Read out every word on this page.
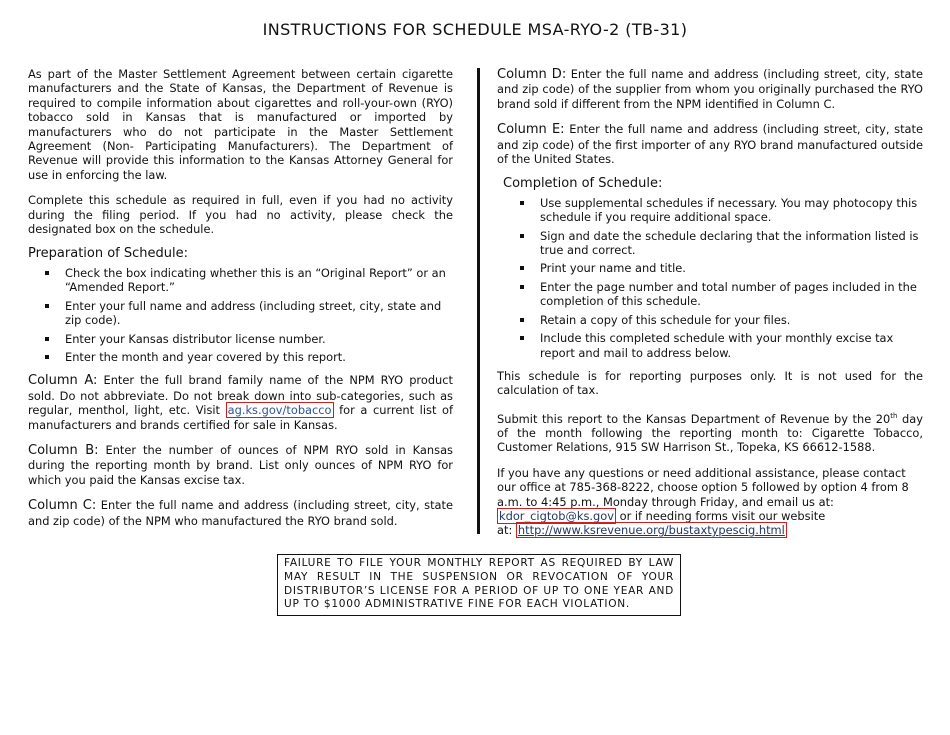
INSTRUCTIONS FOR SCHEDULE MSA-RYO-2 (TB-31)

As part of the Master Settlement Agreement between certain cigarette manufacturers and the State of Kansas, the Department of Revenue is required to compile information about cigarettes and roll-your-own (RYO) tobacco sold in Kansas that is manufactured or imported by manufacturers who do not participate in the Master Settlement Agreement (Non- Participating Manufacturers). The Department of Revenue will provide this information to the Kansas Attorney General for use in enforcing the law.

Complete this schedule as required in full, even if you had no activity during the filing period. If you had no activity, please check the designated box on the schedule.

Preparation of Schedule:
Check the box indicating whether this is an “Original Report” or an “Amended Report.”
Enter your full name and address (including street, city, state and zip code).
Enter your Kansas distributor license number.
Enter the month and year covered by this report.

Column A: Enter the full brand family name of the NPM RYO product sold. Do not abbreviate. Do not break down into sub-categories, such as regular, menthol, light, etc. Visit ag.ks.gov/tobacco for a current list of manufacturers and brands certified for sale in Kansas.

Column B: Enter the number of ounces of NPM RYO sold in Kansas during the reporting month by brand. List only ounces of NPM RYO for which you paid the Kansas excise tax.

Column C: Enter the full name and address (including street, city, state and zip code) of the NPM who manufactured the RYO brand sold.

Column D: Enter the full name and address (including street, city, state and zip code) of the supplier from whom you originally purchased the RYO brand sold if different from the NPM identified in Column C.

Column E: Enter the full name and address (including street, city, state and zip code) of the first importer of any RYO brand manufactured outside of the United States.

Completion of Schedule:
Use supplemental schedules if necessary. You may photocopy this schedule if you require additional space.
Sign and date the schedule declaring that the information listed is true and correct.
Print your name and title.
Enter the page number and total number of pages included in the completion of this schedule.
Retain a copy of this schedule for your files.
Include this completed schedule with your monthly excise tax report and mail to address below.

This schedule is for reporting purposes only. It is not used for the calculation of tax.

Submit this report to the Kansas Department of Revenue by the 20th day of the month following the reporting month to: Cigarette Tobacco, Customer Relations, 915 SW Harrison St., Topeka, KS 66612-1588.

If you have any questions or need additional assistance, please contact our office at 785-368-8222, choose option 5 followed by option 4 from 8 a.m. to 4:45 p.m., Monday through Friday, and email us at: kdor_cigtob@ks.gov or if needing forms visit our website
at: http://www.ksrevenue.org/bustaxtypescig.html

FAILURE TO FILE YOUR MONTHLY REPORT AS REQUIRED BY LAW MAY RESULT IN THE SUSPENSION OR REVOCATION OF YOUR DISTRIBUTOR’S LICENSE FOR A PERIOD OF UP TO ONE YEAR AND UP TO $1000 ADMINISTRATIVE FINE FOR EACH VIOLATION.
